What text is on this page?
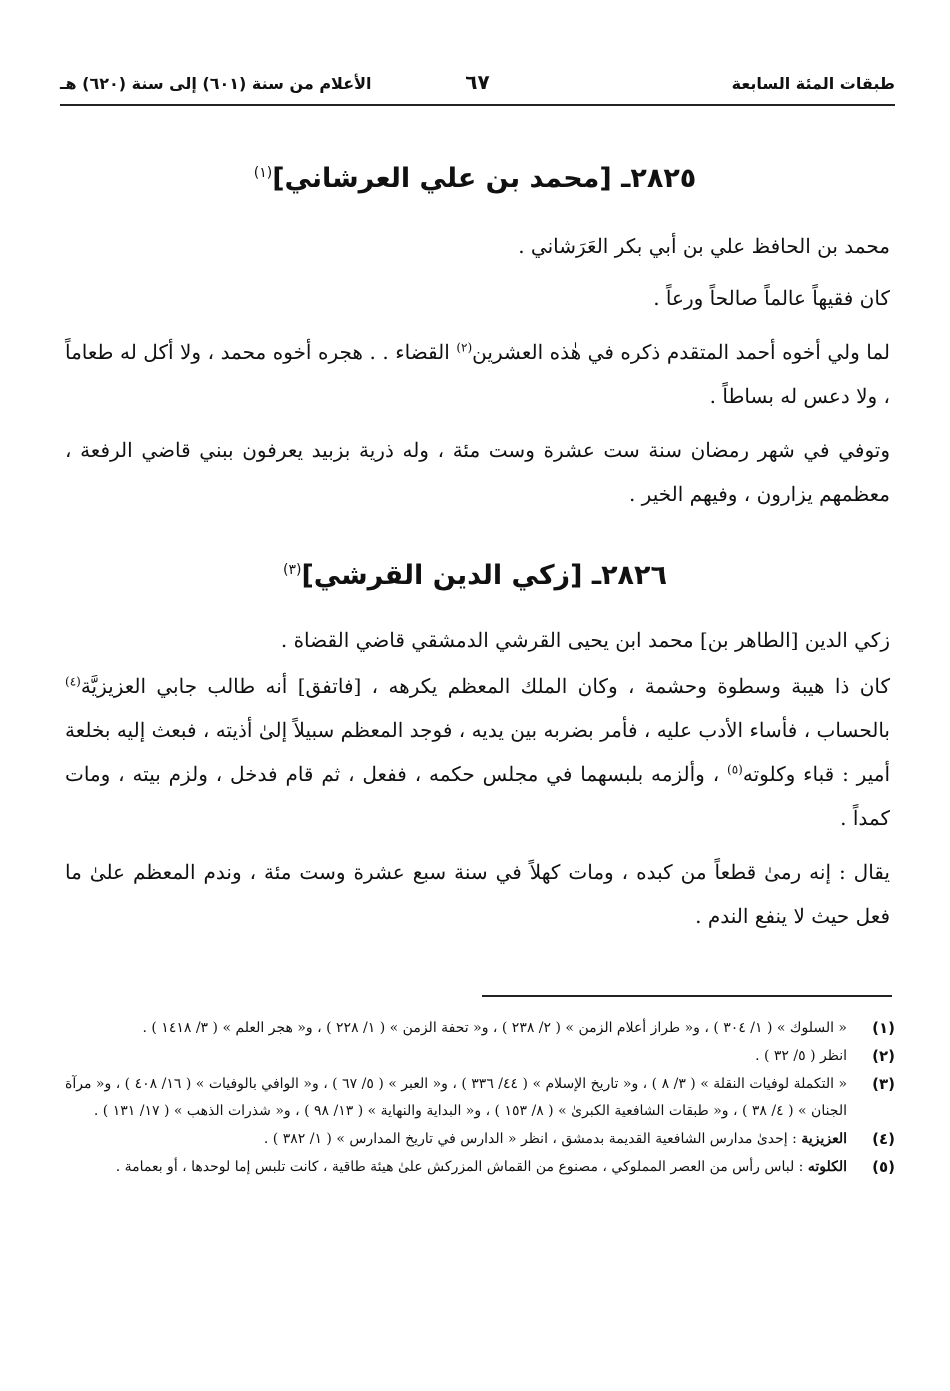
طبقات المئة السابعة
٦٧
الأعلام من سنة (٦٠١) إلى سنة (٦٢٠) هـ
٢٨٢٥ـ [محمد بن علي العرشاني]$^{(١)}$
محمد بن الحافظ علي بن أبي بكر العَرَشاني .
كان فقيهاً عالماً صالحاً ورعاً .
لما ولي أخوه أحمد المتقدم ذكره في هٰذه العشرين$^{(٢)}$ القضاء . . هجره أخوه محمد ، ولا أكل له طعاماً ، ولا دعس له بساطاً .
وتوفي في شهر رمضان سنة ست عشرة وست مئة ، وله ذرية بزبيد يعرفون ببني قاضي الرفعة ، معظمهم يزارون ، وفيهم الخير .
٢٨٢٦ـ [زكي الدين القرشي]$^{(٣)}$
زكي الدين [الطاهر بن] محمد ابن يحيى القرشي الدمشقي قاضي القضاة .
كان ذا هيبة وسطوة وحشمة ، وكان الملك المعظم يكرهه ، [فاتفق] أنه طالب جابي العزيزيَّة$^{(٤)}$ بالحساب ، فأساء الأدب عليه ، فأمر بضربه بين يديه ، فوجد المعظم سبيلاً إلىٰ أذيته ، فبعث إليه بخلعة أمير : قباء وكلوته$^{(٥)}$ ، وألزمه بلبسهما في مجلس حكمه ، ففعل ، ثم قام فدخل ، ولزم بيته ، ومات كمداً .
يقال : إنه رمىٰ قطعاً من كبده ، ومات كهلاً في سنة سبع عشرة وست مئة ، وندم المعظم علىٰ ما فعل حيث لا ينفع الندم .
(١)
« السلوك » ( ١/ ٣٠٤ ) ، و« طراز أعلام الزمن » ( ٢/ ٢٣٨ ) ، و« تحفة الزمن » ( ١/ ٢٢٨ ) ، و« هجر العلم » ( ٣/ ١٤١٨ ) .
(٢)
انظر ( ٥/ ٣٢ ) .
(٣)
« التكملة لوفيات النقلة » ( ٣/ ٨ ) ، و« تاريخ الإسلام » ( ٤٤/ ٣٣٦ ) ، و« العبر » ( ٥/ ٦٧ ) ، و« الوافي بالوفيات » ( ١٦/ ٤٠٨ ) ، و« مرآة الجنان » ( ٤/ ٣٨ ) ، و« طبقات الشافعية الكبرىٰ » ( ٨/ ١٥٣ ) ، و« البداية والنهاية » ( ١٣/ ٩٨ ) ، و« شذرات الذهب » ( ١٧/ ١٣١ ) .
(٤)
العزيزية : إحدىٰ مدارس الشافعية القديمة بدمشق ، انظر « الدارس في تاريخ المدارس » ( ١/ ٣٨٢ ) .
(٥)
الكلوته : لباس رأس من العصر المملوكي ، مصنوع من القماش المزركش علىٰ هيئة طاقية ، كانت تلبس إما لوحدها ، أو بعمامة .
